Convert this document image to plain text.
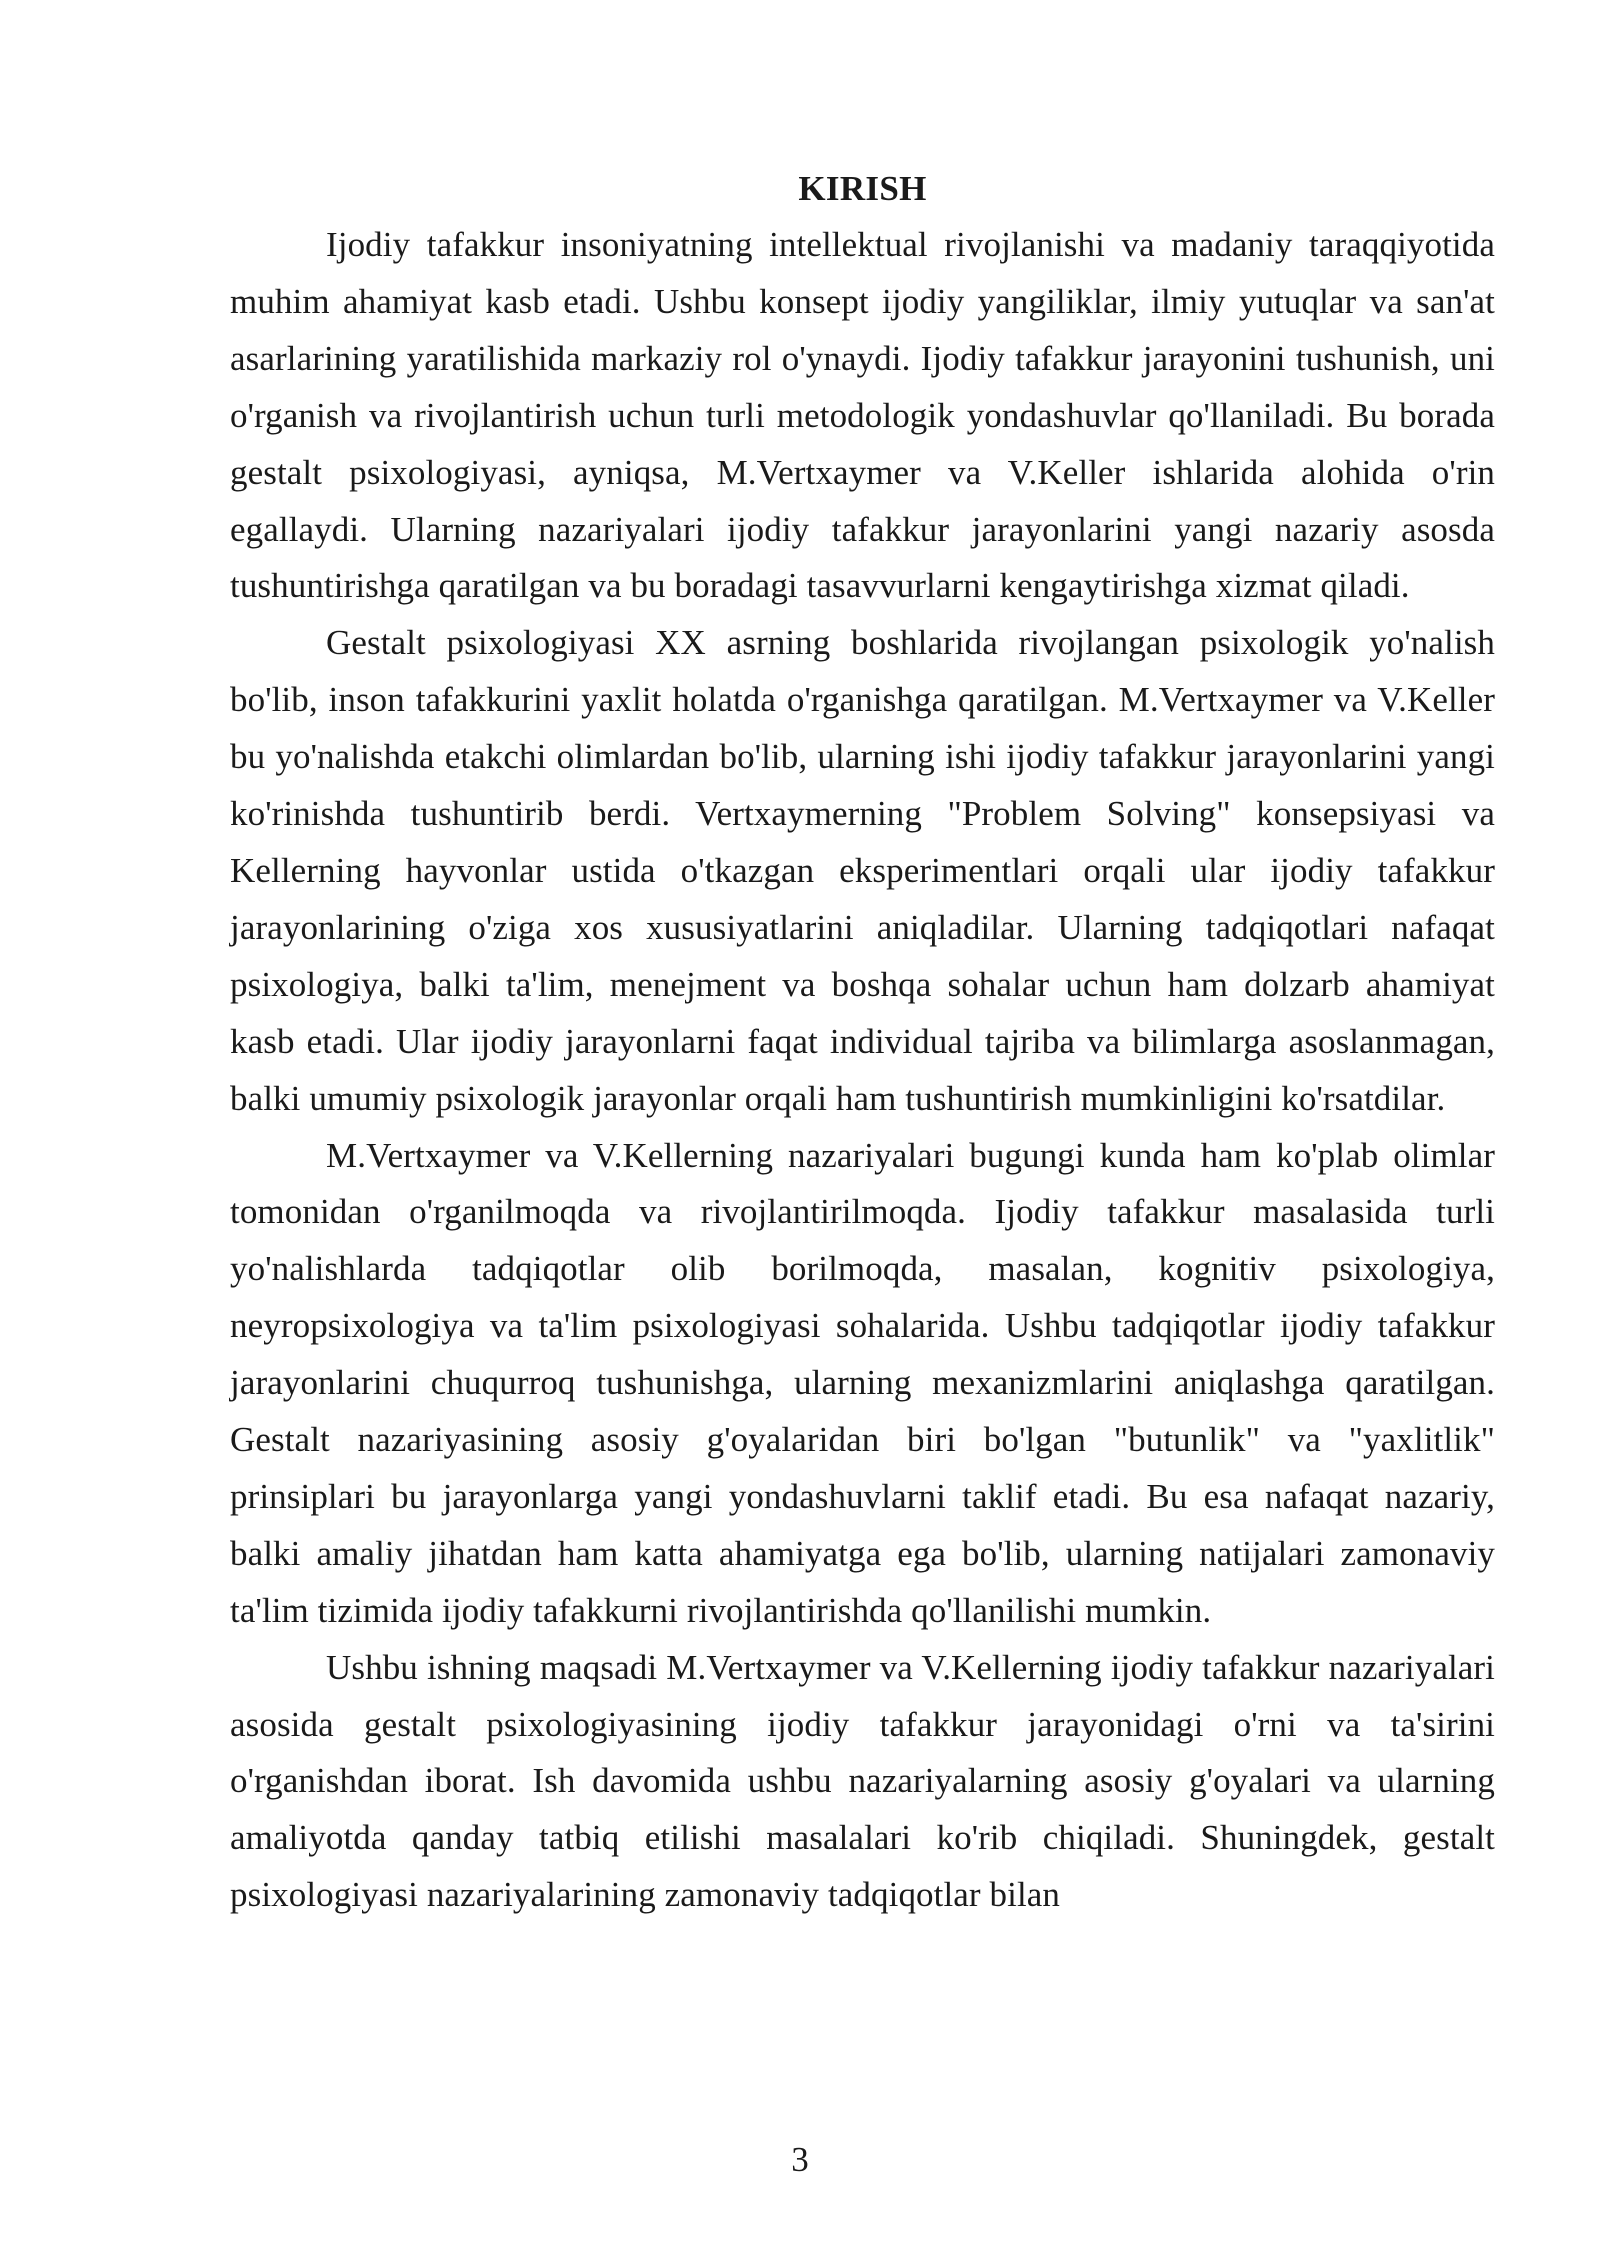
KIRISH

Ijodiy tafakkur insoniyatning intellektual rivojlanishi va madaniy taraqqiyotida muhim ahamiyat kasb etadi. Ushbu konsept ijodiy yangiliklar, ilmiy yutuqlar va san'at asarlarining yaratilishida markaziy rol o'ynaydi. Ijodiy tafakkur jarayonini tushunish, uni o'rganish va rivojlantirish uchun turli metodologik yondashuvlar qo'llaniladi. Bu borada gestalt psixologiyasi, ayniqsa, M.Vertxaymer va V.Keller ishlarida alohida o'rin egallaydi. Ularning nazariyalari ijodiy tafakkur jarayonlarini yangi nazariy asosda tushuntirishga qaratilgan va bu boradagi tasavvurlarni kengaytirishga xizmat qiladi.

Gestalt psixologiyasi XX asrning boshlarida rivojlangan psixologik yo'nalish bo'lib, inson tafakkurini yaxlit holatda o'rganishga qaratilgan. M.Vertxaymer va V.Keller bu yo'nalishda etakchi olimlardan bo'lib, ularning ishi ijodiy tafakkur jarayonlarini yangi ko'rinishda tushuntirib berdi. Vertxaymerning "Problem Solving" konsepsiyasi va Kellerning hayvonlar ustida o'tkazgan eksperimentlari orqali ular ijodiy tafakkur jarayonlarining o'ziga xos xususiyatlarini aniqladilar. Ularning tadqiqotlari nafaqat psixologiya, balki ta'lim, menejment va boshqa sohalar uchun ham dolzarb ahamiyat kasb etadi. Ular ijodiy jarayonlarni faqat individual tajriba va bilimlarga asoslanmagan, balki umumiy psixologik jarayonlar orqali ham tushuntirish mumkinligini ko'rsatdilar.

M.Vertxaymer va V.Kellerning nazariyalari bugungi kunda ham ko'plab olimlar tomonidan o'rganilmoqda va rivojlantirilmoqda. Ijodiy tafakkur masalasida turli yo'nalishlarda tadqiqotlar olib borilmoqda, masalan, kognitiv psixologiya, neyropsixologiya va ta'lim psixologiyasi sohalarida. Ushbu tadqiqotlar ijodiy tafakkur jarayonlarini chuqurroq tushunishga, ularning mexanizmlarini aniqlashga qaratilgan. Gestalt nazariyasining asosiy g'oyalaridan biri bo'lgan "butunlik" va "yaxlitlik" prinsiplari bu jarayonlarga yangi yondashuvlarni taklif etadi. Bu esa nafaqat nazariy, balki amaliy jihatdan ham katta ahamiyatga ega bo'lib, ularning natijalari zamonaviy ta'lim tizimida ijodiy tafakkurni rivojlantirishda qo'llanilishi mumkin.

Ushbu ishning maqsadi M.Vertxaymer va V.Kellerning ijodiy tafakkur nazariyalari asosida gestalt psixologiyasining ijodiy tafakkur jarayonidagi o'rni va ta'sirini o'rganishdan iborat. Ish davomida ushbu nazariyalarning asosiy g'oyalari va ularning amaliyotda qanday tatbiq etilishi masalalari ko'rib chiqiladi. Shuningdek, gestalt psixologiyasi nazariyalarining zamonaviy tadqiqotlar bilan

3
